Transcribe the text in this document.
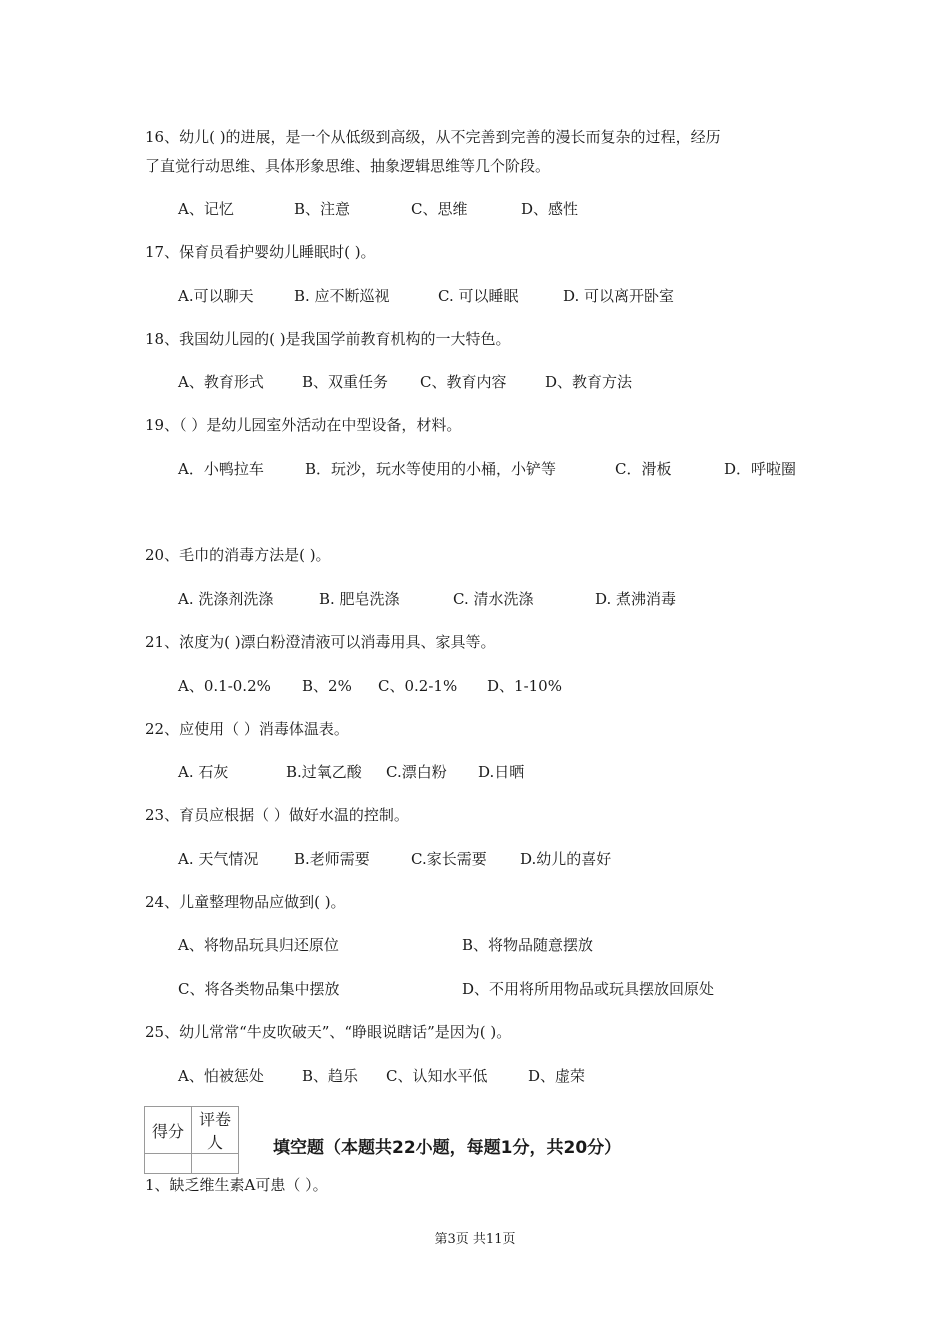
16、幼儿( )的进展，是一个从低级到高级，从不完善到完善的漫长而复杂的过程，经历
了直觉行动思维、具体形象思维、抽象逻辑思维等几个阶段。
A、记忆	B、注意	C、思维	D、感性
17、保育员看护婴幼儿睡眠时( )。
A.可以聊天	B. 应不断巡视	C. 可以睡眠	D. 可以离开卧室
18、我国幼儿园的( )是我国学前教育机构的一大特色。
A、教育形式	B、双重任务 C、教育内容	D、教育方法
19、（ ）是幼儿园室外活动在中型设备，材料。
A．小鸭拉车	B．玩沙，玩水等使用的小桶，小铲等	C．滑板	D．呼啦圈
20、毛巾的消毒方法是( )。
A. 洗涤剂洗涤	B. 肥皂洗涤	C. 清水洗涤	D. 煮沸消毒
21、浓度为( )漂白粉澄清液可以消毒用具、家具等。
A、0.1-0.2% B、2% C、0.2-1% D、1-10%
22、应使用（ ）消毒体温表。
A. 石灰	B.过氧乙酸 C.漂白粉 D.日晒
23、育员应根据（ ）做好水温的控制。
A. 天气情况 B.老师需要	C.家长需要 D.幼儿的喜好
24、儿童整理物品应做到( )。
A、将物品玩具归还原位	B、将物品随意摆放
C、将各类物品集中摆放	D、不用将所用物品或玩具摆放回原处
25、幼儿常常“牛皮吹破天”、“睁眼说瞎话”是因为( )。
A、怕被惩处	B、趋乐 C、认知水平低	D、虚荣
得分	评卷人
		填空题（本题共22小题，每题1分，共20分）
1、缺乏维生素A可患（ ）。
第3页 共11页
